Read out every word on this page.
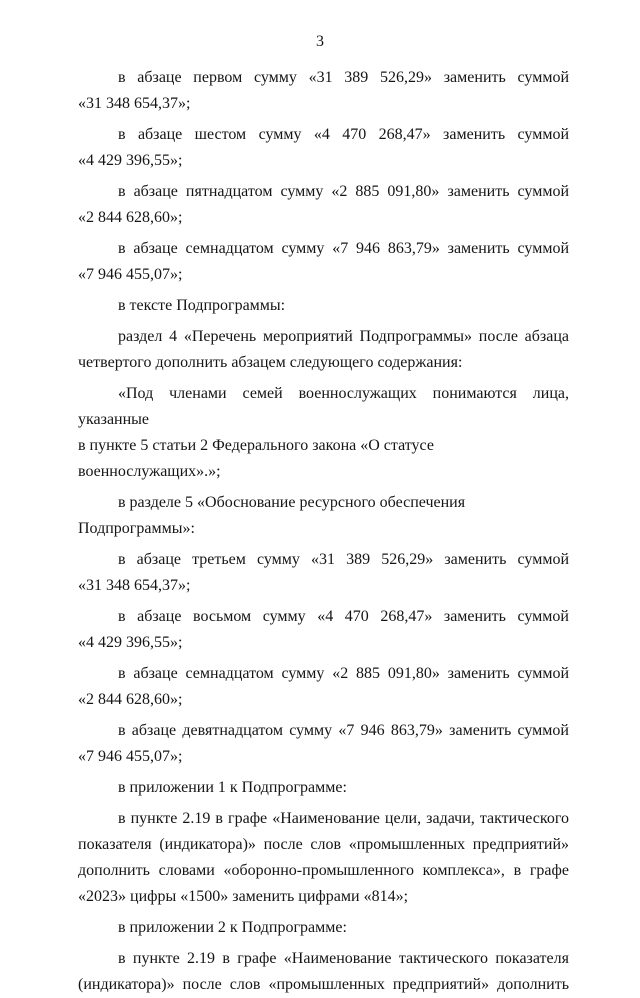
3
в абзаце первом сумму «31 389 526,29» заменить суммой
«31 348 654,37»;
в абзаце шестом сумму «4 470 268,47» заменить суммой
«4 429 396,55»;
в абзаце пятнадцатом сумму «2 885 091,80» заменить суммой
«2 844 628,60»;
в абзаце семнадцатом сумму «7 946 863,79» заменить суммой
«7 946 455,07»;
в тексте Подпрограммы:
раздел 4 «Перечень мероприятий Подпрограммы» после абзаца
четвертого дополнить абзацем следующего содержания:
«Под членами семей военнослужащих понимаются лица, указанные
в пункте 5 статьи 2 Федерального закона «О статусе военнослужащих».»;
в разделе 5 «Обоснование ресурсного обеспечения Подпрограммы»:
в абзаце третьем сумму «31 389 526,29» заменить суммой
«31 348 654,37»;
в абзаце восьмом сумму «4 470 268,47» заменить суммой
«4 429 396,55»;
в абзаце семнадцатом сумму «2 885 091,80» заменить суммой
«2 844 628,60»;
в абзаце девятнадцатом сумму «7 946 863,79» заменить суммой
«7 946 455,07»;
в приложении 1 к Подпрограмме:
в пункте 2.19 в графе «Наименование цели, задачи, тактического
показателя (индикатора)» после слов «промышленных предприятий»
дополнить словами «оборонно-промышленного комплекса», в графе
«2023» цифры «1500» заменить цифрами «814»;
в приложении 2 к Подпрограмме:
в пункте 2.19 в графе «Наименование тактического показателя
(индикатора)» после слов «промышленных предприятий» дополнить
